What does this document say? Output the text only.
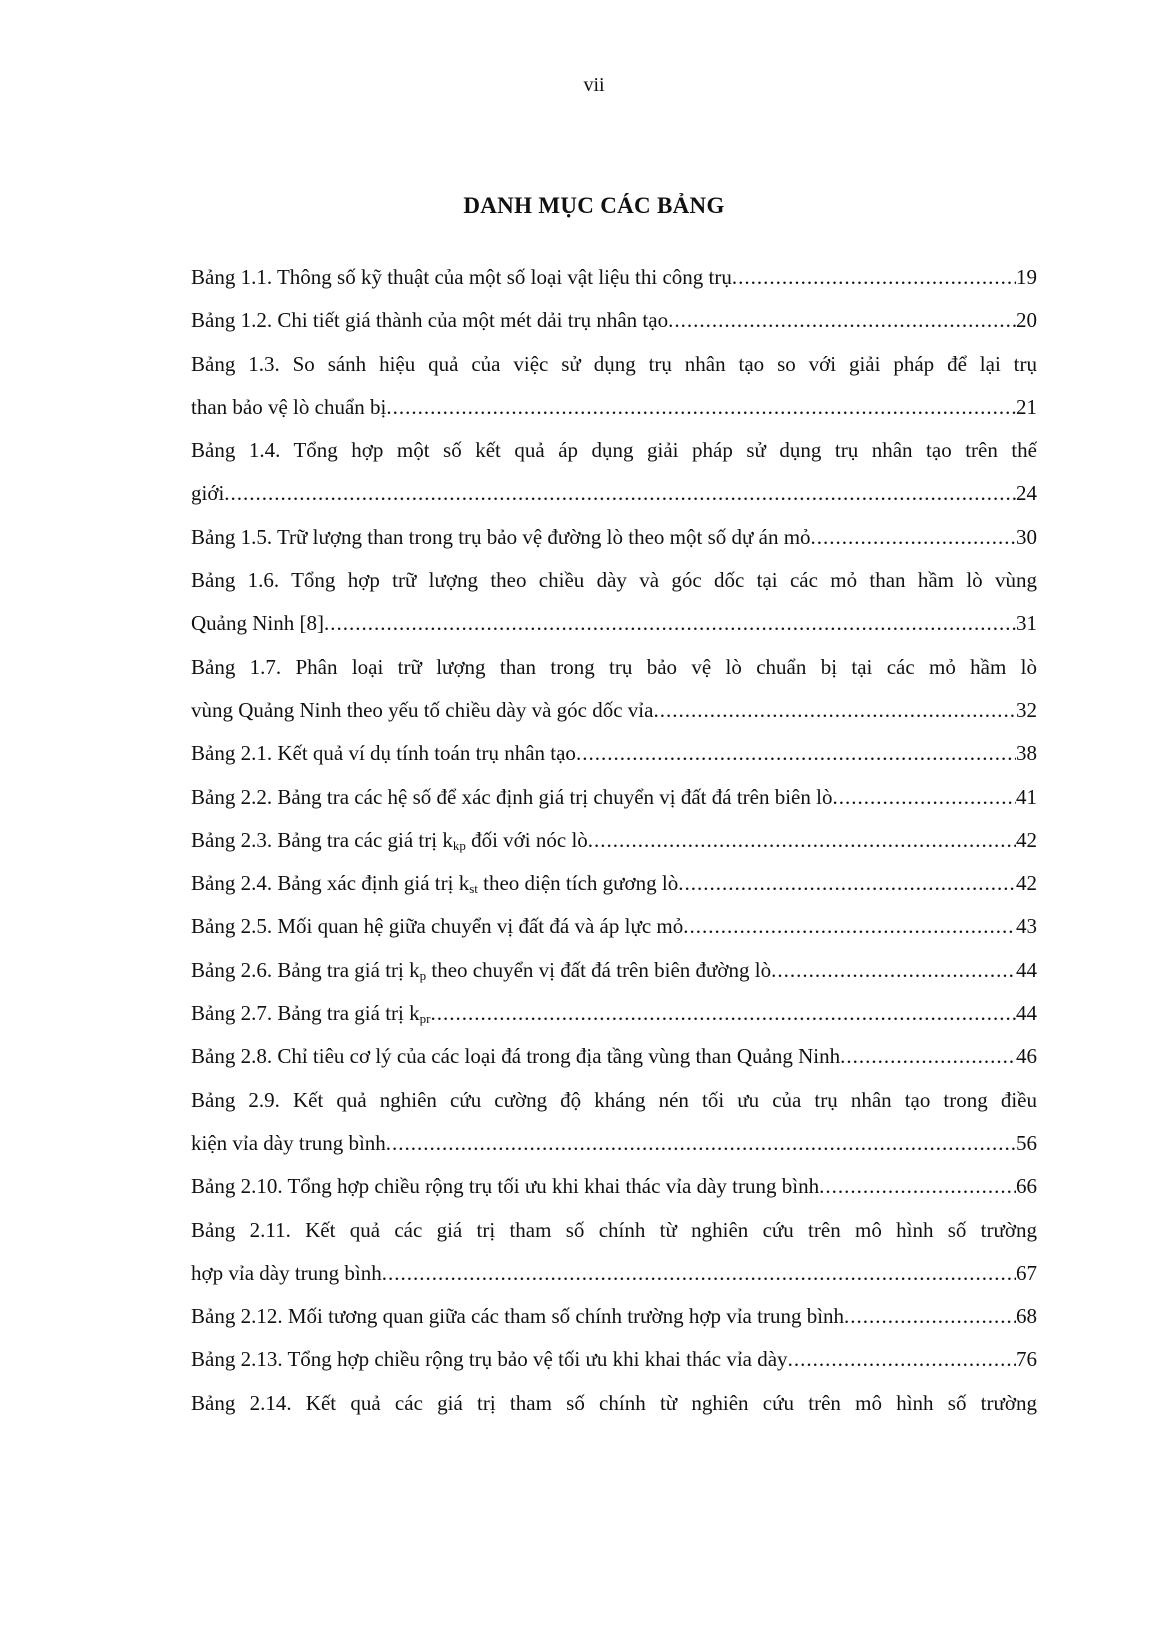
vii
DANH MỤC CÁC BẢNG
Bảng 1.1. Thông số kỹ thuật của một số loại vật liệu thi công trụ .....	19
Bảng 1.2. Chi tiết giá thành của một mét dải trụ nhân tạo .....	20
Bảng 1.3. So sánh hiệu quả của việc sử dụng trụ nhân tạo so với giải pháp để lại trụ
than bảo vệ lò chuẩn bị .....	21
Bảng 1.4. Tổng hợp một số kết quả áp dụng giải pháp sử dụng trụ nhân tạo trên thế
giới .....	24
Bảng 1.5. Trữ lượng than trong trụ bảo vệ đường lò theo một số dự án mỏ .....	30
Bảng 1.6. Tổng hợp trữ lượng theo chiều dày và góc dốc tại các mỏ than hầm lò vùng
Quảng Ninh [8] .....	31
Bảng 1.7. Phân loại trữ lượng than trong trụ bảo vệ lò chuẩn bị tại các mỏ hầm lò
vùng Quảng Ninh theo yếu tố chiều dày và góc dốc vỉa .....	32
Bảng 2.1. Kết quả ví dụ tính toán trụ nhân tạo .....	38
Bảng 2.2. Bảng tra các hệ số để xác định giá trị chuyển vị đất đá trên biên lò .....	41
Bảng 2.3. Bảng tra các giá trị $k_{kp}$ đối với nóc lò .....	42
Bảng 2.4. Bảng xác định giá trị $k_{st}$ theo diện tích gương lò .....	42
Bảng 2.5. Mối quan hệ giữa chuyển vị đất đá và áp lực mỏ .....	43
Bảng 2.6. Bảng tra giá trị $k_p$ theo chuyển vị đất đá trên biên đường lò .....	44
Bảng 2.7. Bảng tra giá trị $k_{pr}$ .....	44
Bảng 2.8. Chỉ tiêu cơ lý của các loại đá trong địa tầng vùng than Quảng Ninh .....	46
Bảng 2.9. Kết quả nghiên cứu cường độ kháng nén tối ưu của trụ nhân tạo trong điều
kiện vỉa dày trung bình .....	56
Bảng 2.10. Tổng hợp chiều rộng trụ tối ưu khi khai thác vỉa dày trung bình .....	66
Bảng 2.11. Kết quả các giá trị tham số chính từ nghiên cứu trên mô hình số trường
hợp vỉa dày trung bình .....	67
Bảng 2.12. Mối tương quan giữa các tham số chính trường hợp vỉa trung bình .....	68
Bảng 2.13. Tổng hợp chiều rộng trụ bảo vệ tối ưu khi khai thác vỉa dày .....	76
Bảng 2.14. Kết quả các giá trị tham số chính từ nghiên cứu trên mô hình số trường
